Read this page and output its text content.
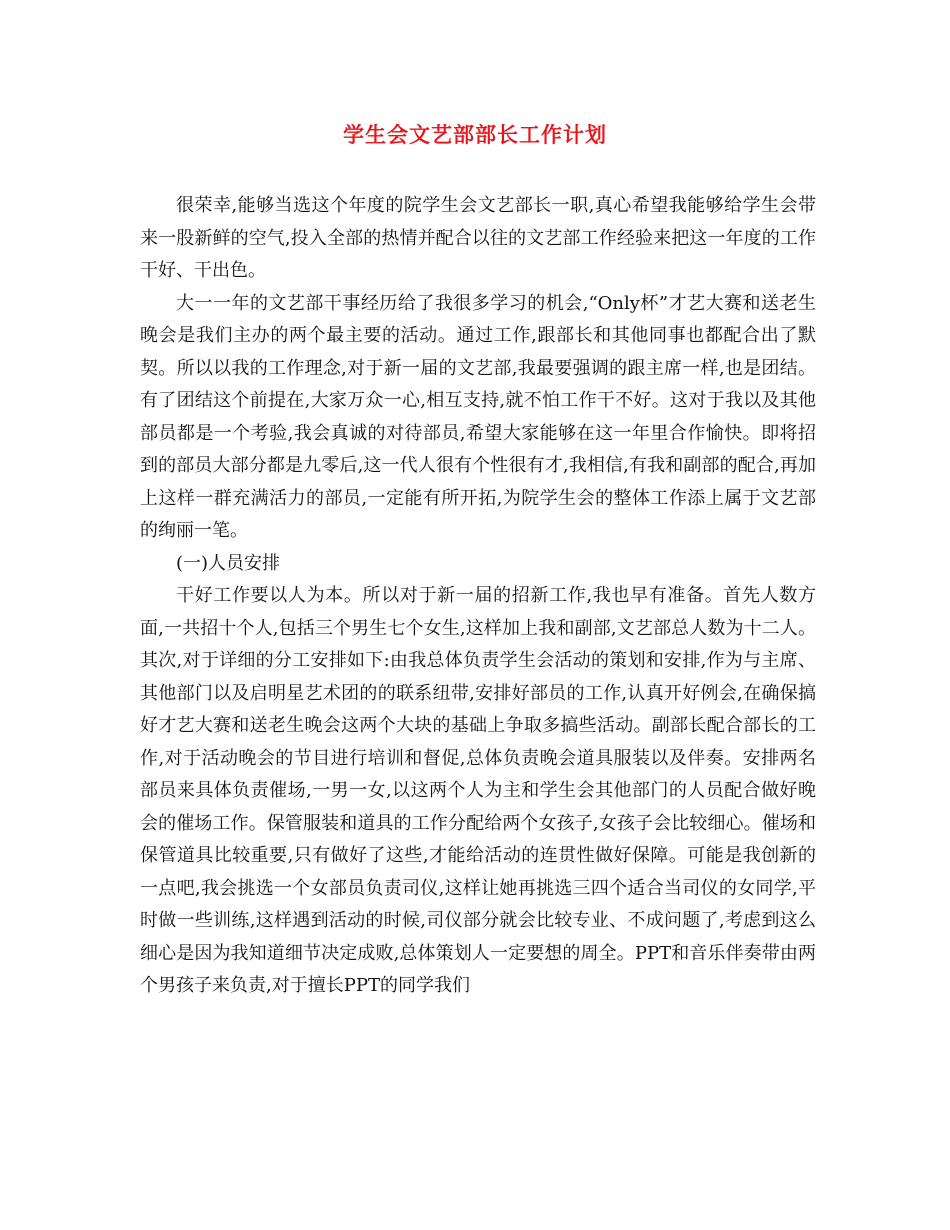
学生会文艺部部长工作计划

很荣幸,能够当选这个年度的院学生会文艺部长一职,真心希望我能够给学生会带来一股新鲜的空气,投入全部的热情并配合以往的文艺部工作经验来把这一年度的工作干好、干出色。

大一一年的文艺部干事经历给了我很多学习的机会,“Only杯”才艺大赛和送老生晚会是我们主办的两个最主要的活动。通过工作,跟部长和其他同事也都配合出了默契。所以以我的工作理念,对于新一届的文艺部,我最要强调的跟主席一样,也是团结。有了团结这个前提在,大家万众一心,相互支持,就不怕工作干不好。这对于我以及其他部员都是一个考验,我会真诚的对待部员,希望大家能够在这一年里合作愉快。即将招到的部员大部分都是九零后,这一代人很有个性很有才,我相信,有我和副部的配合,再加上这样一群充满活力的部员,一定能有所开拓,为院学生会的整体工作添上属于文艺部的绚丽一笔。

(一)人员安排

干好工作要以人为本。所以对于新一届的招新工作,我也早有准备。首先人数方面,一共招十个人,包括三个男生七个女生,这样加上我和副部,文艺部总人数为十二人。其次,对于详细的分工安排如下:由我总体负责学生会活动的策划和安排,作为与主席、其他部门以及启明星艺术团的的联系纽带,安排好部员的工作,认真开好例会,在确保搞好才艺大赛和送老生晚会这两个大块的基础上争取多搞些活动。副部长配合部长的工作,对于活动晚会的节目进行培训和督促,总体负责晚会道具服装以及伴奏。安排两名部员来具体负责催场,一男一女,以这两个人为主和学生会其他部门的人员配合做好晚会的催场工作。保管服装和道具的工作分配给两个女孩子,女孩子会比较细心。催场和保管道具比较重要,只有做好了这些,才能给活动的连贯性做好保障。可能是我创新的一点吧,我会挑选一个女部员负责司仪,这样让她再挑选三四个适合当司仪的女同学,平时做一些训练,这样遇到活动的时候,司仪部分就会比较专业、不成问题了,考虑到这么细心是因为我知道细节决定成败,总体策划人一定要想的周全。PPT和音乐伴奏带由两个男孩子来负责,对于擅长PPT的同学我们
